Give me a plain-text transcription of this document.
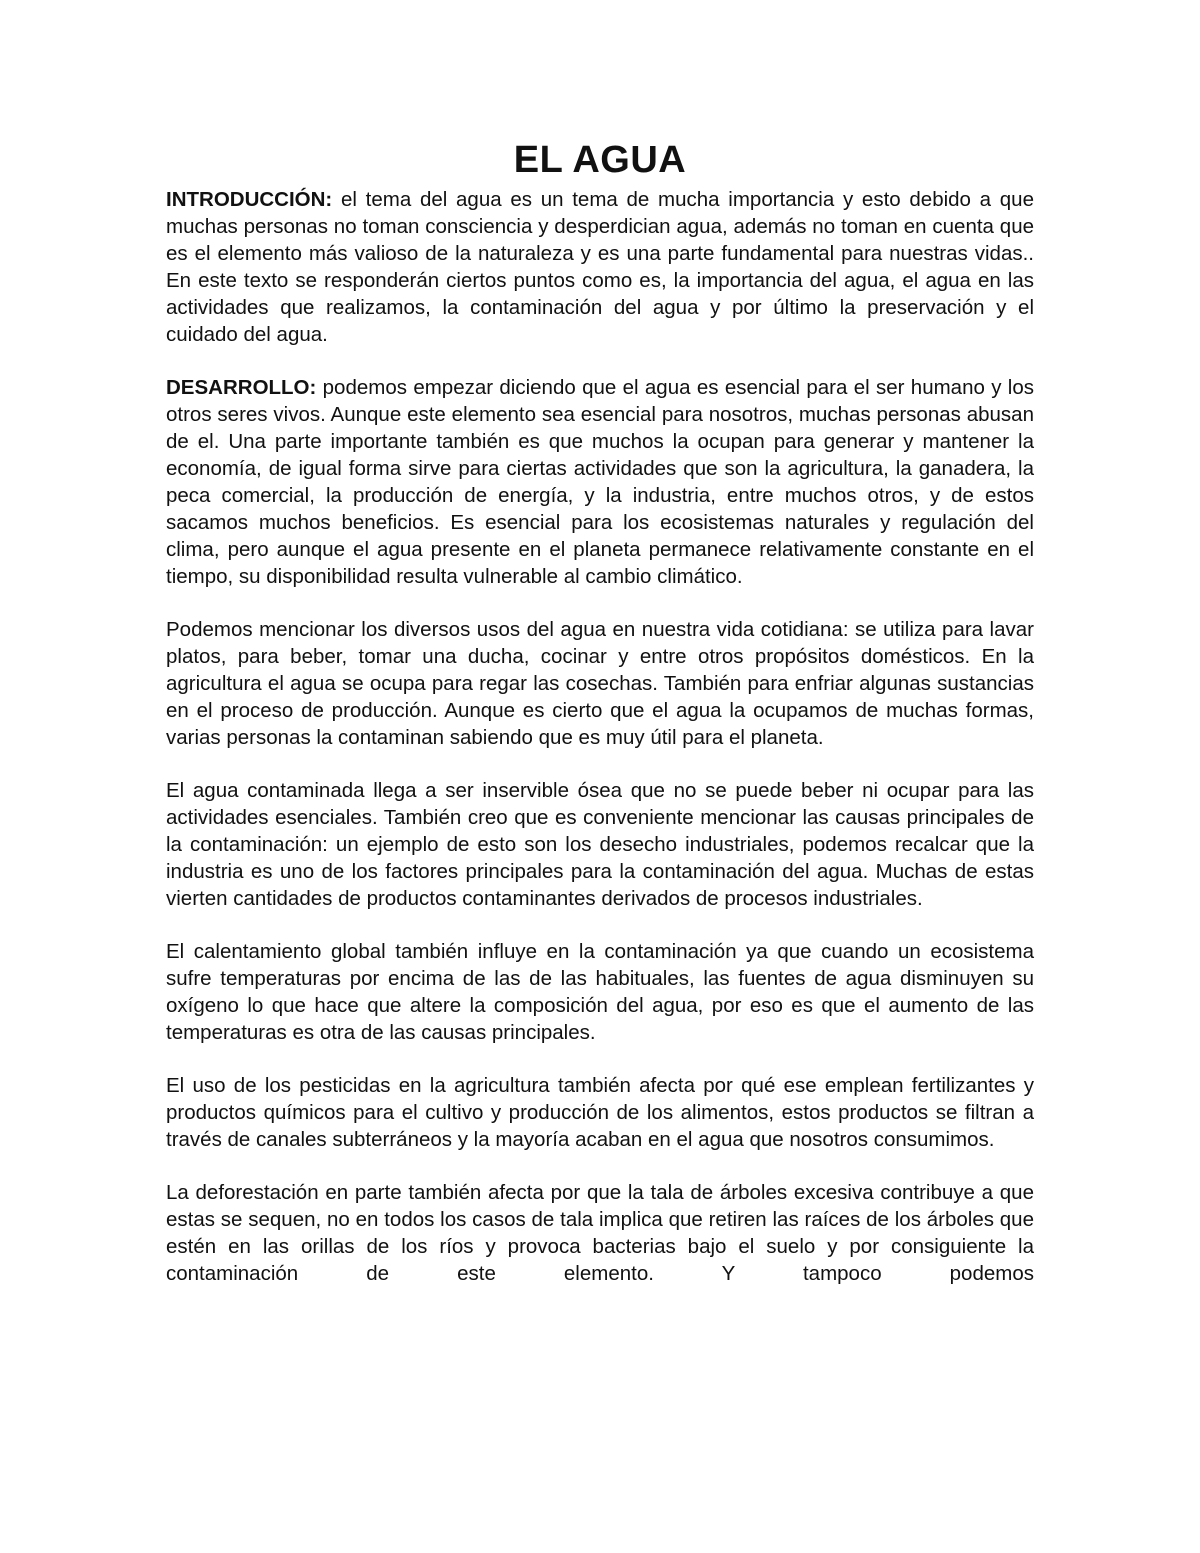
EL AGUA

INTRODUCCIÓN: el tema del agua es un tema de mucha importancia y esto debido a que muchas personas no toman consciencia y desperdician agua, además no toman en cuenta que es el elemento más valioso de la naturaleza y es una parte fundamental para nuestras vidas.. En este texto se responderán ciertos puntos como es, la importancia del agua, el agua en las actividades que realizamos, la contaminación del agua y por último la preservación y el cuidado del agua.

DESARROLLO: podemos empezar diciendo que el agua es esencial para el ser humano y los otros seres vivos. Aunque este elemento sea esencial para nosotros, muchas personas abusan de el. Una parte importante también es que muchos la ocupan para generar y mantener la economía, de igual forma sirve para ciertas actividades que son la agricultura, la ganadera, la peca comercial, la producción de energía, y la industria, entre muchos otros, y de estos sacamos muchos beneficios. Es esencial para los ecosistemas naturales y regulación del clima, pero aunque el agua presente en el planeta permanece relativamente constante en el tiempo, su disponibilidad resulta vulnerable al cambio climático.

Podemos mencionar los diversos usos del agua en nuestra vida cotidiana: se utiliza para lavar platos, para beber, tomar una ducha, cocinar y entre otros propósitos domésticos. En la agricultura el agua se ocupa para regar las cosechas. También para enfriar algunas sustancias en el proceso de producción. Aunque es cierto que el agua la ocupamos de muchas formas, varias personas la contaminan sabiendo que es muy útil para el planeta.

El agua contaminada llega a ser inservible ósea que no se puede beber ni ocupar para las actividades esenciales. También creo que es conveniente mencionar las causas principales de la contaminación: un ejemplo de esto son los desecho industriales, podemos recalcar que la industria es uno de los factores principales para la contaminación del agua. Muchas de estas vierten cantidades de productos contaminantes derivados de procesos industriales.

El calentamiento global también influye en la contaminación ya que cuando un ecosistema sufre temperaturas por encima de las de las habituales, las fuentes de agua disminuyen su oxígeno lo que hace que altere la composición del agua, por eso es que el aumento de las temperaturas es otra de las causas principales.

El uso de los pesticidas en la agricultura también afecta por qué ese emplean fertilizantes y productos químicos para el cultivo y producción de los alimentos, estos productos se filtran a través de canales subterráneos y la mayoría acaban en el agua que nosotros consumimos.

La deforestación en parte también afecta por que la tala de árboles excesiva contribuye a que estas se sequen, no en todos los casos de tala implica que retiren las raíces de los árboles que estén en las orillas de los ríos y provoca bacterias bajo el suelo y por consiguiente la contaminación de este elemento. Y tampoco podemos
